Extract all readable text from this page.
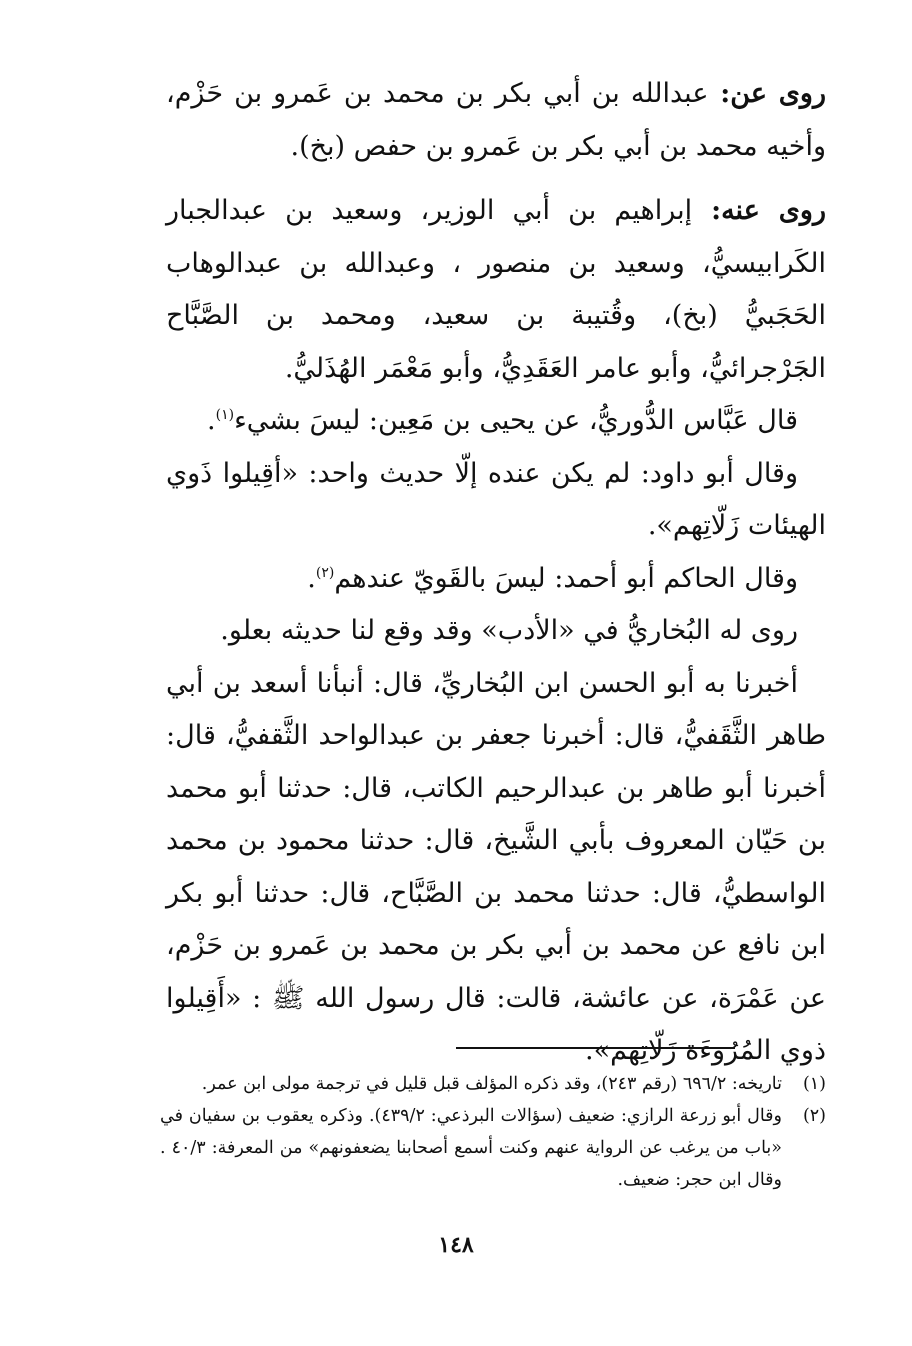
روى عن: عبدالله بن أبي بكر بن محمد بن عَمرو بن حَزْم، وأخيه محمد بن أبي بكر بن عَمرو بن حفص (بخ).

روى عنه: إبراهيم بن أبي الوزير، وسعيد بن عبدالجبار الكَرابيسيُّ، وسعيد بن منصور ، وعبدالله بن عبدالوهاب الحَجَبيُّ (بخ)، وقُتيبة بن سعيد، ومحمد بن الصَّبَّاح الجَرْجرائيُّ، وأبو عامر العَقَدِيُّ، وأبو مَعْمَر الهُذَليُّ.

قال عَبَّاس الدُّوريُّ، عن يحيى بن مَعِين: ليسَ بشيء$^{(١)}$.

وقال أبو داود: لم يكن عنده إلّا حديث واحد: «أقِيلوا ذَوي الهيئات زَلّاتِهم».

وقال الحاكم أبو أحمد: ليسَ بالقَويّ عندهم$^{(٢)}$.

روى له البُخاريُّ في «الأدب» وقد وقع لنا حديثه بعلو.

أخبرنا به أبو الحسن ابن البُخاريِّ، قال: أنبأنا أسعد بن أبي طاهر الثَّقَفيُّ، قال: أخبرنا جعفر بن عبدالواحد الثَّقفيُّ، قال: أخبرنا أبو طاهر بن عبدالرحيم الكاتب، قال: حدثنا أبو محمد بن حَيّان المعروف بأبي الشَّيخ، قال: حدثنا محمود بن محمد الواسطيُّ، قال: حدثنا محمد بن الصَّبَّاح، قال: حدثنا أبو بكر ابن نافع عن محمد بن أبي بكر بن محمد بن عَمرو بن حَزْم، عن عَمْرَة، عن عائشة، قالت: قال رسول الله ﷺ : «أَقِيلوا ذوي المُرُوءَة زَلّاتِهم».

(١)
تاريخه: ٦٩٦/٢ (رقم ٢٤٣)، وقد ذكره المؤلف قبل قليل في ترجمة مولى ابن عمر.
(٢)
وقال أبو زرعة الرازي: ضعيف (سؤالات البرذعي: ٤٣٩/٢). وذكره يعقوب بن سفيان في «باب من يرغب عن الرواية عنهم وكنت أسمع أصحابنا يضعفونهم» من المعرفة: ٤٠/٣ . وقال ابن حجر: ضعيف.
١٤٨
